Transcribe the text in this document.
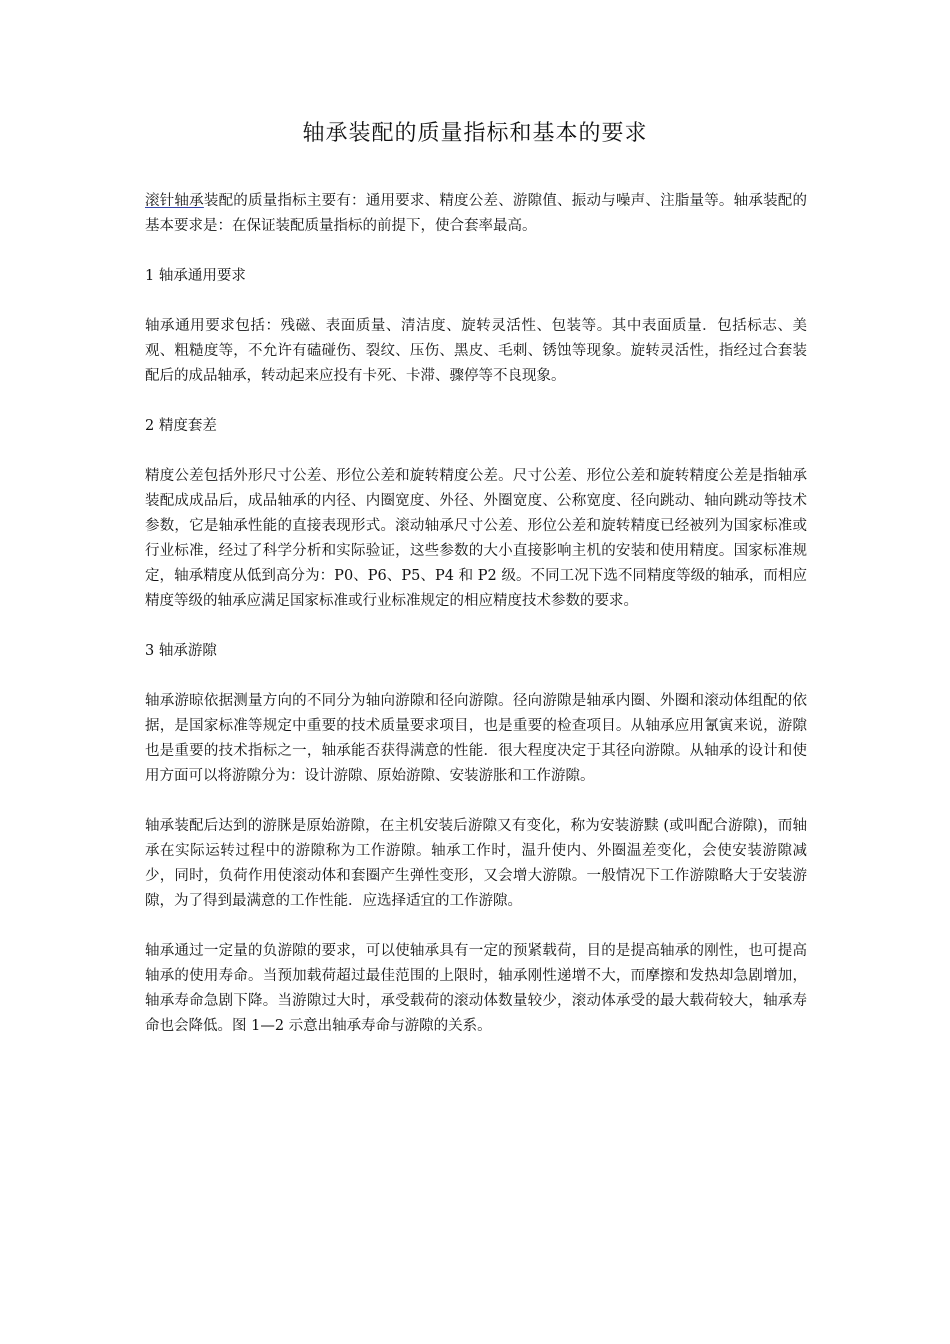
轴承装配的质量指标和基本的要求

滚针轴承装配的质量指标主要有：通用要求、精度公差、游隙值、振动与噪声、注脂量等。轴承装配的基本要求是：在保证装配质量指标的前提下，使合套率最高。

1 轴承通用要求

轴承通用要求包括：残磁、表面质量、清洁度、旋转灵活性、包装等。其中表面质量．包括标志、美观、粗糙度等，不允许有磕碰伤、裂纹、压伤、黑皮、毛刺、锈蚀等现象。旋转灵活性，指经过合套装配后的成品轴承，转动起来应投有卡死、卡滞、骤停等不良现象。

2 精度套差

精度公差包括外形尺寸公差、形位公差和旋转精度公差。尺寸公差、形位公差和旋转精度公差是指轴承装配成成品后，成品轴承的内径、内圈宽度、外径、外圈宽度、公称宽度、径向跳动、轴向跳动等技术参数，它是轴承性能的直接表现形式。滚动轴承尺寸公差、形位公差和旋转精度已经被列为国家标准或行业标准，经过了科学分析和实际验证，这些参数的大小直接影响主机的安装和使用精度。国家标准规定，轴承精度从低到高分为：P0、P6、P5、P4 和 P2 级。不同工况下选不同精度等级的轴承，而相应精度等级的轴承应满足国家标准或行业标准规定的相应精度技术参数的要求。

3 轴承游隙

轴承游晾依据测量方向的不同分为轴向游隙和径向游隙。径向游隙是轴承内圈、外圈和滚动体组配的依据，是国家标准等规定中重要的技术质量要求项目，也是重要的检查项目。从轴承应用氰寅来说，游隙也是重要的技术指标之一，轴承能否获得满意的性能．很大程度决定于其径向游隙。从轴承的设计和使用方面可以将游隙分为：设计游隙、原始游隙、安装游胀和工作游隙。

轴承装配后达到的游脒是原始游隙，在主机安装后游隙又有变化，称为安装游黩 (或叫配合游隙)，而轴承在实际运转过程中的游隙称为工作游隙。轴承工作时，温升使内、外圈温差变化，会使安装游隙减少，同时，负荷作用使滚动体和套圈产生弹性变形，又会增大游隙。一般情况下工作游隙略大于安装游隙，为了得到最满意的工作性能．应选择适宜的工作游隙。

轴承通过一定量的负游隙的要求，可以使轴承具有一定的预紧载荷，目的是提高轴承的刚性，也可提高轴承的使用寿命。当预加载荷超过最佳范围的上限时，轴承刚性递增不大，而摩擦和发热却急剧增加，轴承寿命急剧下降。当游隙过大时，承受载荷的滚动体数量较少，滚动体承受的最大载荷较大，轴承寿命也会降低。图 1—2 示意出轴承寿命与游隙的关系。
